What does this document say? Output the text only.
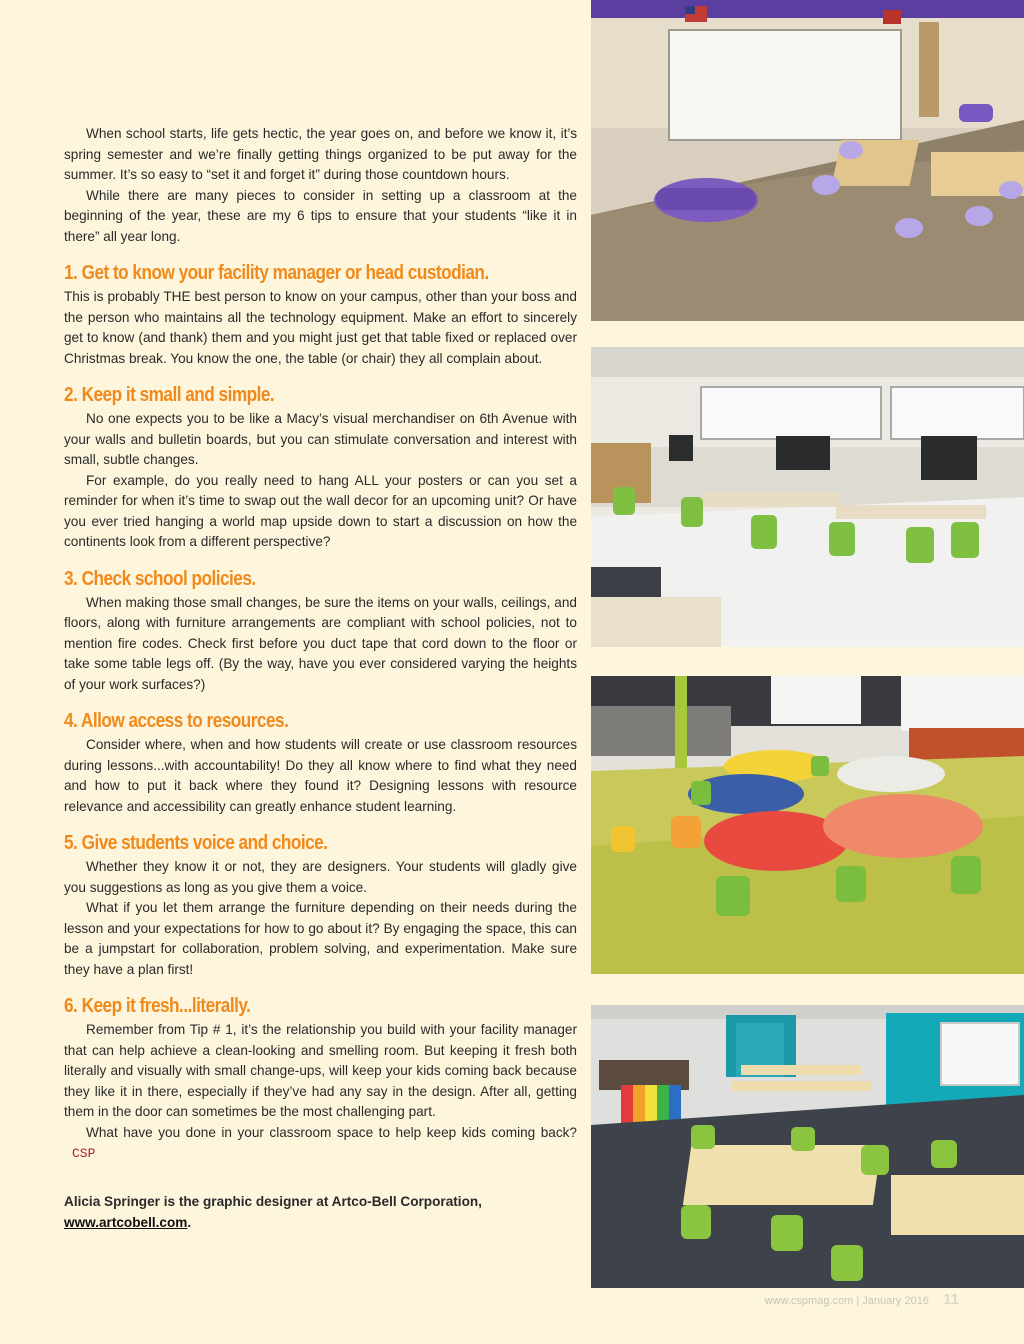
When school starts, life gets hectic, the year goes on, and before we know it, it’s spring semester and we’re finally getting things organized to be put away for the summer. It’s so easy to “set it and forget it” during those countdown hours.

While there are many pieces to consider in setting up a classroom at the beginning of the year, these are my 6 tips to ensure that your students “like it in there” all year long.

1. Get to know your facility manager or head custodian.

This is probably THE best person to know on your campus, other than your boss and the person who maintains all the technology equipment. Make an effort to sincerely get to know (and thank) them and you might just get that table fixed or replaced over Christmas break. You know the one, the table (or chair) they all complain about.

2. Keep it small and simple.

No one expects you to be like a Macy’s visual merchandiser on 6th Avenue with your walls and bulletin boards, but you can stimulate conversation and interest with small, subtle changes.

For example, do you really need to hang ALL your posters or can you set a reminder for when it’s time to swap out the wall decor for an upcoming unit? Or have you ever tried hanging a world map upside down to start a discussion on how the continents look from a different perspective?

3. Check school policies.

When making those small changes, be sure the items on your walls, ceilings, and floors, along with furniture arrangements are compliant with school policies, not to mention fire codes. Check first before you duct tape that cord down to the floor or take some table legs off. (By the way, have you ever considered varying the heights of your work surfaces?)

4. Allow access to resources.

Consider where, when and how students will create or use classroom resources during lessons...with accountability! Do they all know where to find what they need and how to put it back where they found it? Designing lessons with resource relevance and accessibility can greatly enhance student learning.

5. Give students voice and choice.

Whether they know it or not, they are designers. Your students will gladly give you suggestions as long as you give them a voice.

What if you let them arrange the furniture depending on their needs during the lesson and your expectations for how to go about it? By engaging the space, this can be a jumpstart for collaboration, problem solving, and experimentation. Make sure they have a plan first!

6. Keep it fresh...literally.

Remember from Tip # 1, it’s the relationship you build with your facility manager that can help achieve a clean-looking and smelling room. But keeping it fresh both literally and visually with small change-ups, will keep your kids coming back because they like it in there, especially if they’ve had any say in the design. After all, getting them in the door can sometimes be the most challenging part.

What have you done in your classroom space to help keep kids coming back?CSP

Alicia Springer is the graphic designer at Artco-Bell Corporation,
www.artcobell.com.
www.cspmag.com | January 2016 11
